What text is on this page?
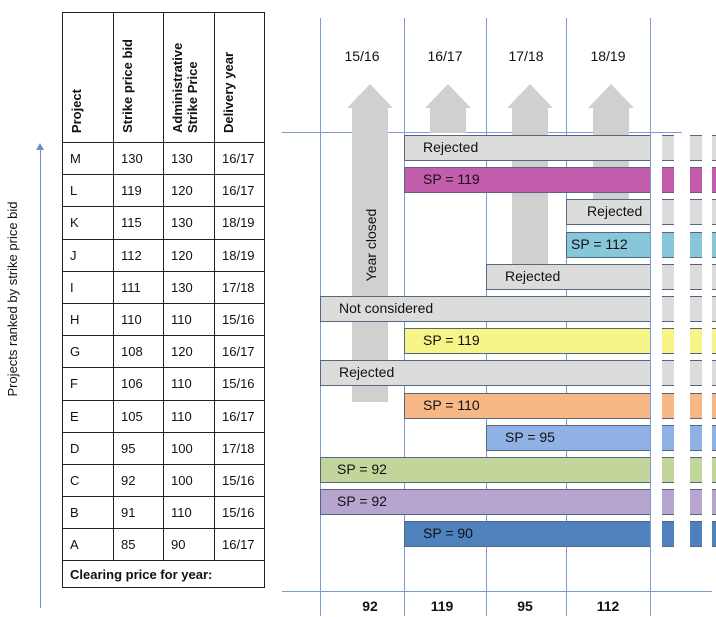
Projects ranked by strike price bid
Project	Strike price bid	Administrative Strike Price	Delivery year
M	130	130	16/17
L	119	120	16/17
K	115	130	18/19
J	112	120	18/19
I	111	130	17/18
H	110	110	15/16
G	108	120	16/17
F	106	110	15/16
E	105	110	16/17
D	95	100	17/18
C	92	100	15/16
B	91	110	15/16
A	85	90	16/17
Clearing price for year:			
15/16	16/17	17/18	18/19
92	119	95	112
Year closed
Rejected
SP = 119
Rejected
SP = 112
Rejected
Not considered
SP = 119
Rejected
SP = 110
SP = 95
SP = 92
SP = 92
SP = 90
